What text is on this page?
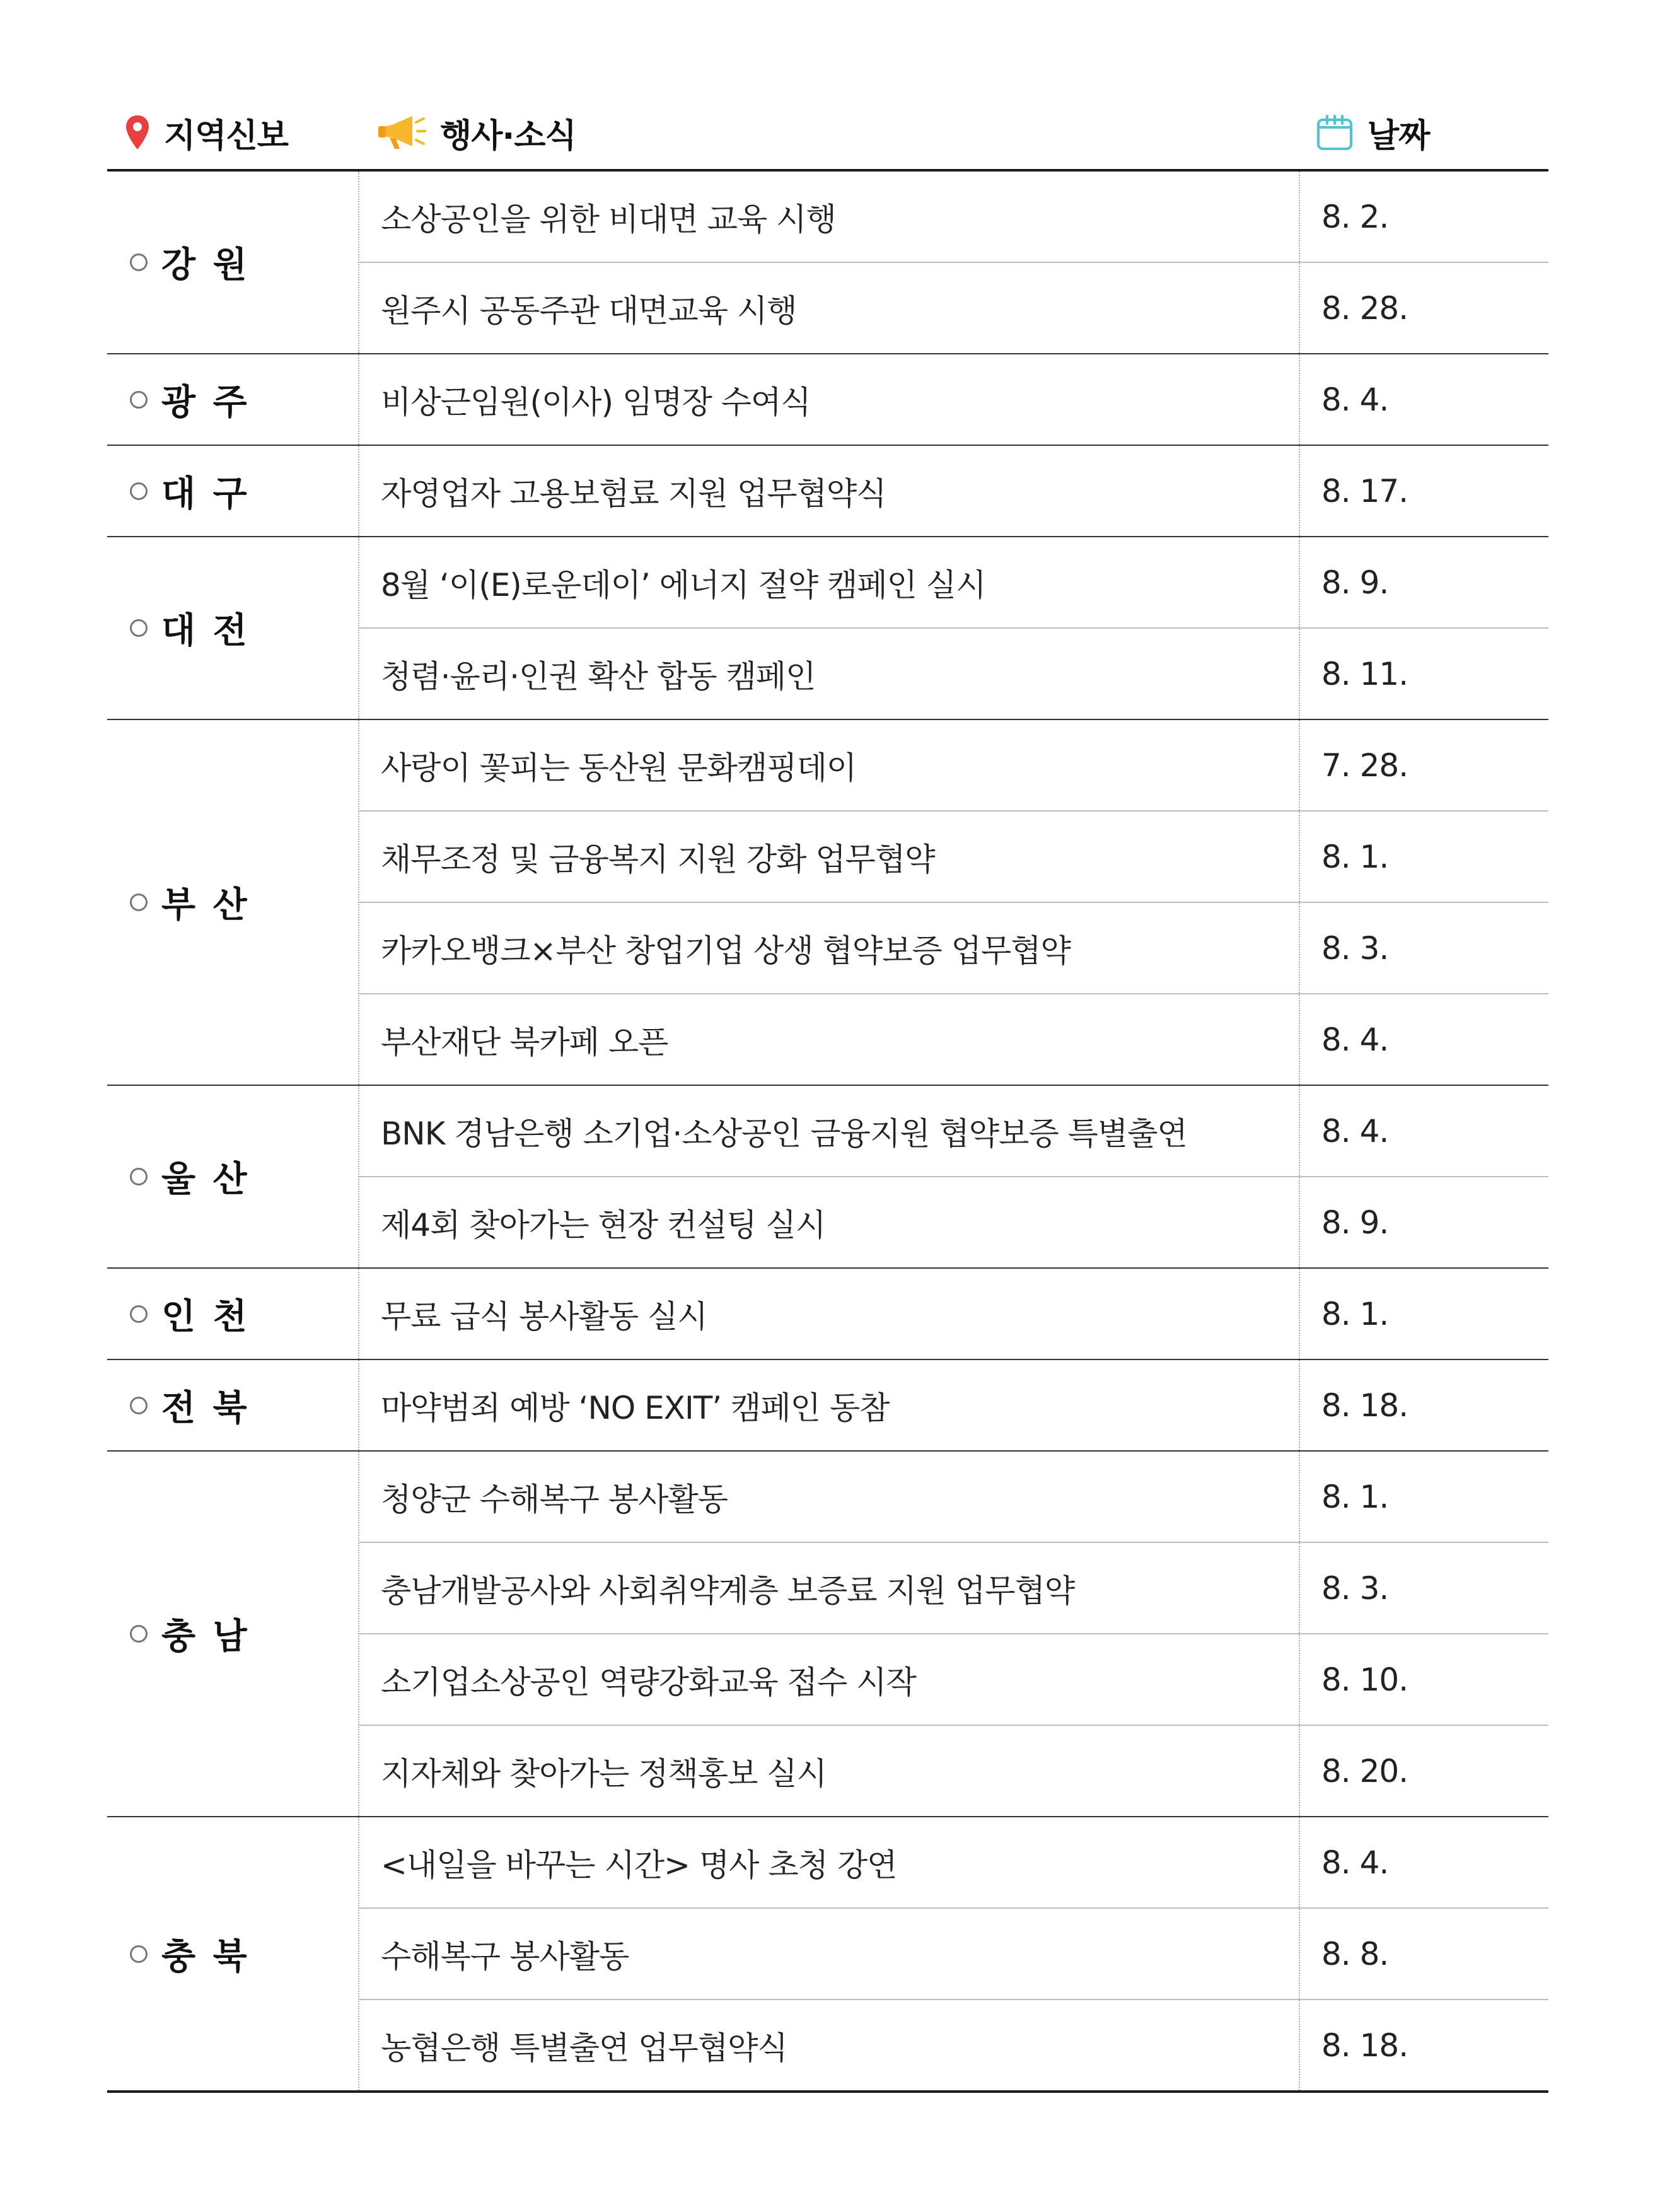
지역신보	행사·소식	날짜
강 원
소상공인을 위한 비대면 교육 시행	8. 2.
원주시 공동주관 대면교육 시행	8. 28.
광 주	비상근임원(이사) 임명장 수여식	8. 4.
대 구	자영업자 고용보험료 지원 업무협약식	8. 17.
대 전
8월 ‘이(E)로운데이’ 에너지 절약 캠페인 실시	8. 9.
청렴·윤리·인권 확산 합동 캠페인	8. 11.
부 산
사랑이 꽃피는 동산원 문화캠핑데이	7. 28.
채무조정 및 금융복지 지원 강화 업무협약	8. 1.
카카오뱅크×부산 창업기업 상생 협약보증 업무협약	8. 3.
부산재단 북카페 오픈	8. 4.
울 산
BNK 경남은행 소기업·소상공인 금융지원 협약보증 특별출연	8. 4.
제4회 찾아가는 현장 컨설팅 실시	8. 9.
인 천	무료 급식 봉사활동 실시	8. 1.
전 북	마약범죄 예방 ‘NO EXIT’ 캠페인 동참	8. 18.
충 남
청양군 수해복구 봉사활동	8. 1.
충남개발공사와 사회취약계층 보증료 지원 업무협약	8. 3.
소기업소상공인 역량강화교육 접수 시작	8. 10.
지자체와 찾아가는 정책홍보 실시	8. 20.
충 북
<내일을 바꾸는 시간> 명사 초청 강연	8. 4.
수해복구 봉사활동	8. 8.
농협은행 특별출연 업무협약식	8. 18.
